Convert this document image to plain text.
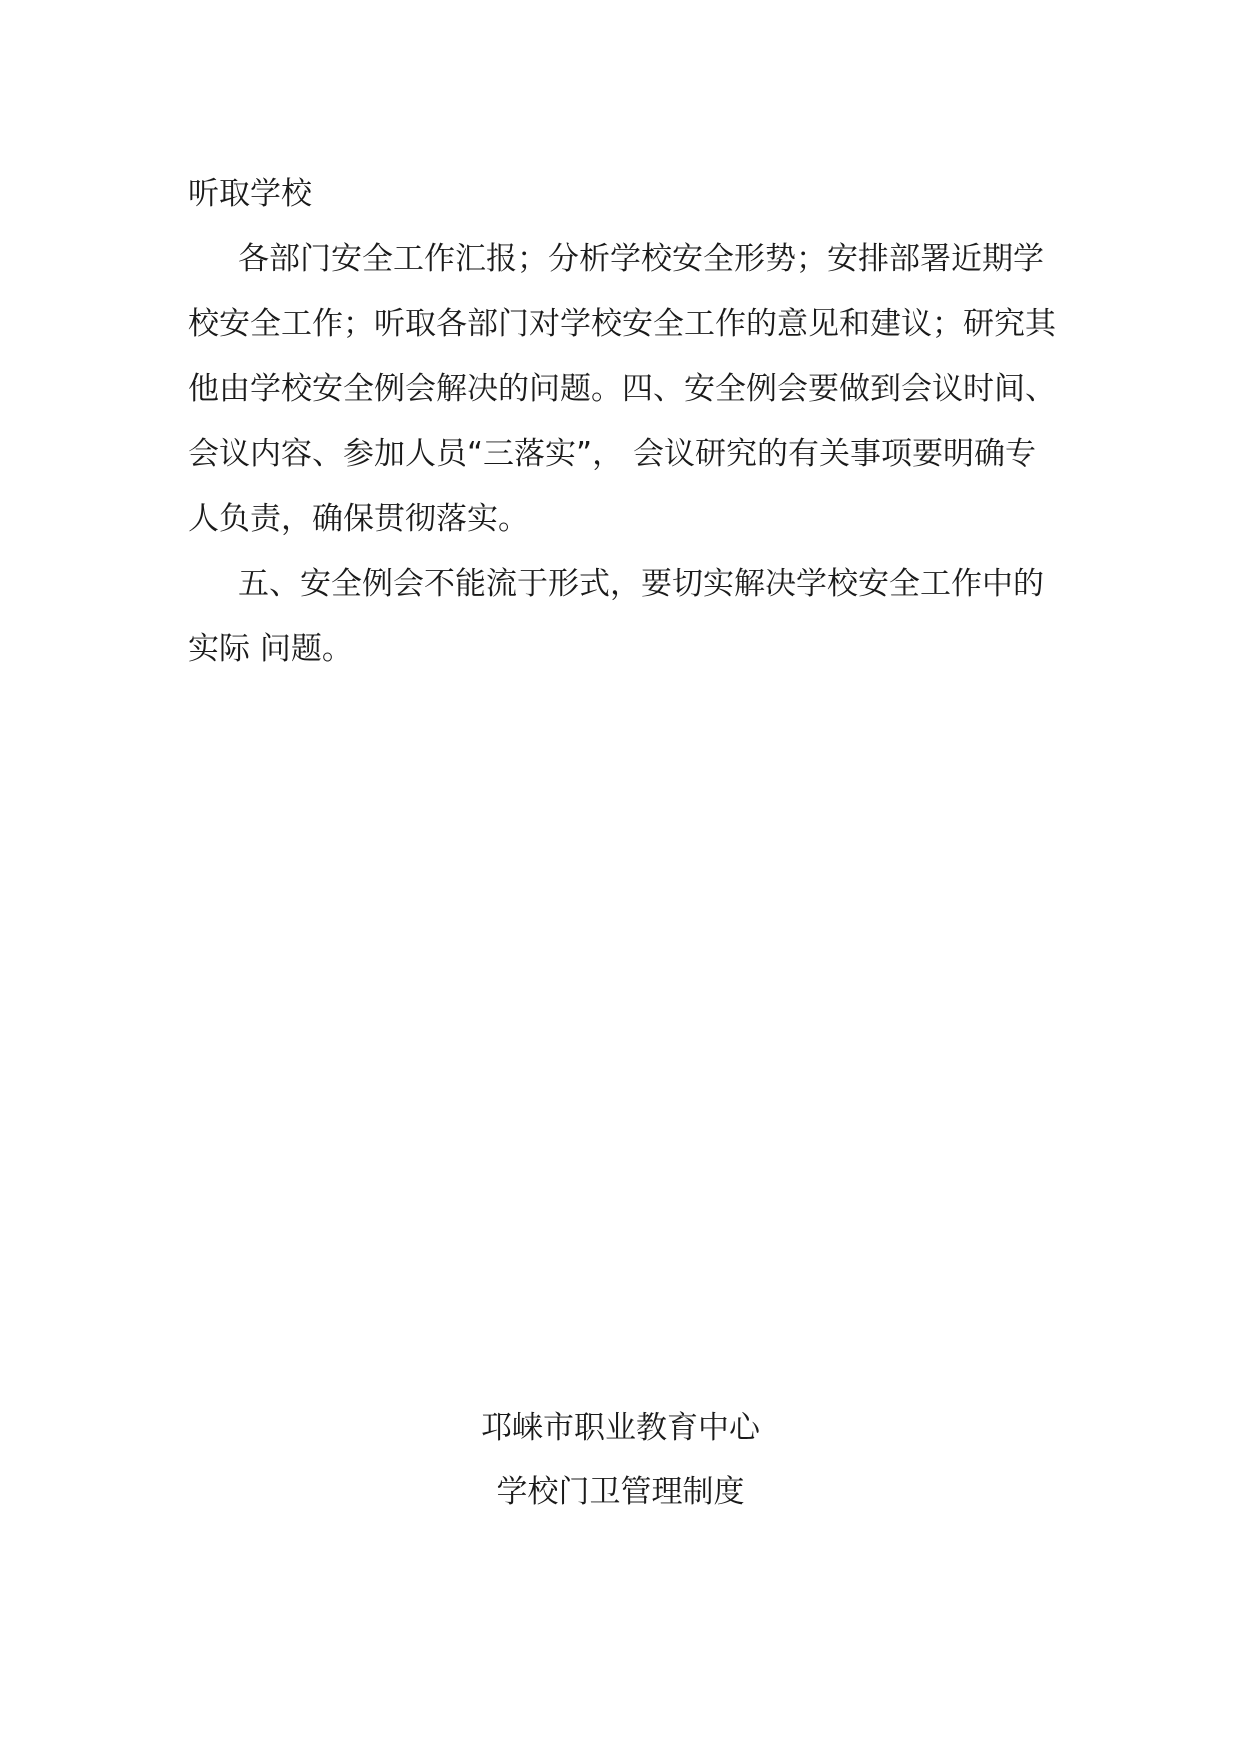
听取学校

各部门安全工作汇报；分析学校安全形势；安排部署近期学校安全工作；听取各部门对学校安全工作的意见和建议；研究其他由学校安全例会解决的问题。四、安全例会要做到会议时间、会议内容、参加人员“三落实”， 会议研究的有关事项要明确专人负责，确保贯彻落实。

五、安全例会不能流于形式，要切实解决学校安全工作中的实际 问题。

邛崃市职业教育中心
学校门卫管理制度
